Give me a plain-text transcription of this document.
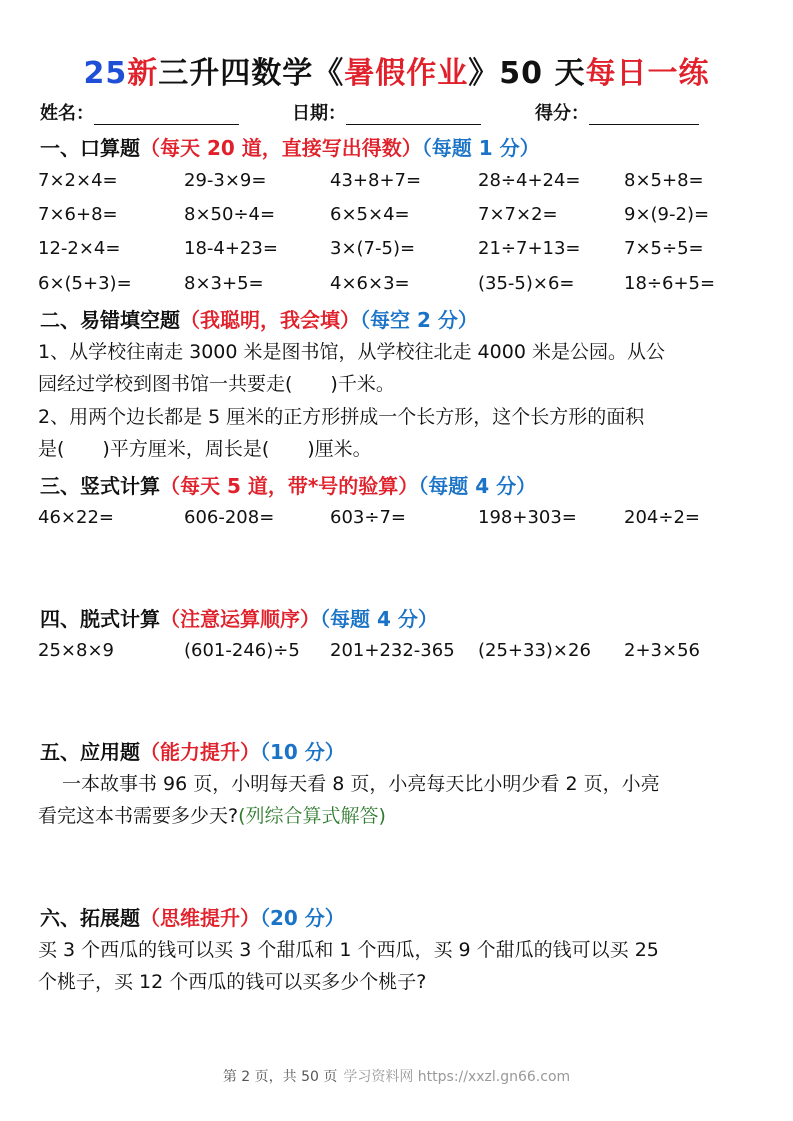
25新三升四数学《暑假作业》50 天每日一练
姓名：	日期：	得分：
一、口算题（每天 20 道，直接写出得数）（每题 1 分）
7×2×4=	29-3×9=	43+8+7=	28÷4+24= 8×5+8=
7×6+8=	8×50÷4=	6×5×4=	7×7×2=	9×(9-2)=
12-2×4=	18-4+23=	3×(7-5)=	21÷7+13= 7×5÷5=
6×(5+3)=	8×3+5=	4×6×3=	(35-5)×6=	18÷6+5=
二、易错填空题（我聪明，我会填）（每空 2 分）
1、从学校往南走 3000 米是图书馆，从学校往北走 4000 米是公园。从公
园经过学校到图书馆一共要走(　　)千米。
2、用两个边长都是 5 厘米的正方形拼成一个长方形，这个长方形的面积
是(　　)平方厘米，周长是(　　)厘米。
三、竖式计算（每天 5 道，带*号的验算）（每题 4 分）
46×22=	606-208=	603÷7=	198+303=	204÷2=
四、脱式计算（注意运算顺序）（每题 4 分）
25×8×9	(601-246)÷5 201+232-365 (25+33)×26 2+3×56
五、应用题（能力提升）（10 分）
一本故事书 96 页，小明每天看 8 页，小亮每天比小明少看 2 页，小亮
看完这本书需要多少天?(列综合算式解答)
六、拓展题（思维提升）（20 分）
买 3 个西瓜的钱可以买 3 个甜瓜和 1 个西瓜，买 9 个甜瓜的钱可以买 25
个桃子，买 12 个西瓜的钱可以买多少个桃子?
第 2 页，共 50 页 学习资料网 https://xxzl.gn66.com
